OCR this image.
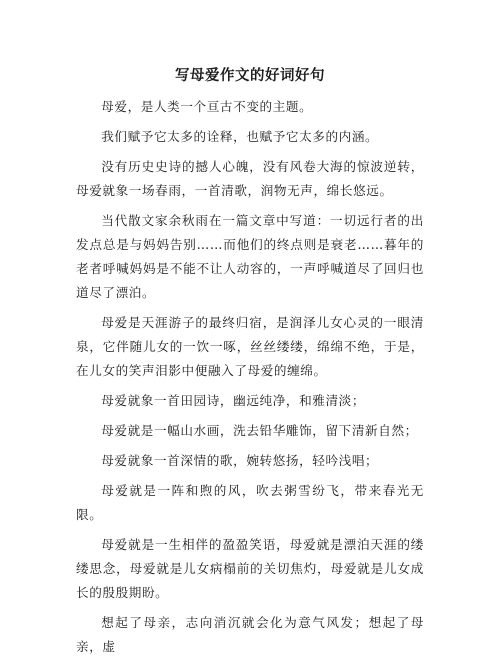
写母爱作文的好词好句

母爱，是人类一个亘古不变的主题。

我们赋予它太多的诠释，也赋予它太多的内涵。

没有历史史诗的撼人心魄，没有风卷大海的惊波逆转，母爱就象一场春雨，一首清歌，润物无声，绵长悠远。

当代散文家余秋雨在一篇文章中写道：一切远行者的出发点总是与妈妈告别……而他们的终点则是衰老……暮年的老者呼喊妈妈是不能不让人动容的，一声呼喊道尽了回归也道尽了漂泊。

母爱是天涯游子的最终归宿，是润泽儿女心灵的一眼清泉，它伴随儿女的一饮一啄，丝丝缕缕，绵绵不绝，于是，在儿女的笑声泪影中便融入了母爱的缠绵。

母爱就象一首田园诗，幽远纯净，和雅清淡；

母爱就是一幅山水画，洗去铅华雕饰，留下清新自然；

母爱就象一首深情的歌，婉转悠扬，轻吟浅唱；

母爱就是一阵和煦的风，吹去粥雪纷飞，带来春光无限。

母爱就是一生相伴的盈盈笑语，母爱就是漂泊天涯的缕缕思念，母爱就是儿女病榻前的关切焦灼，母爱就是儿女成长的殷殷期盼。

想起了母亲，志向消沉就会化为意气风发；想起了母亲，虚
